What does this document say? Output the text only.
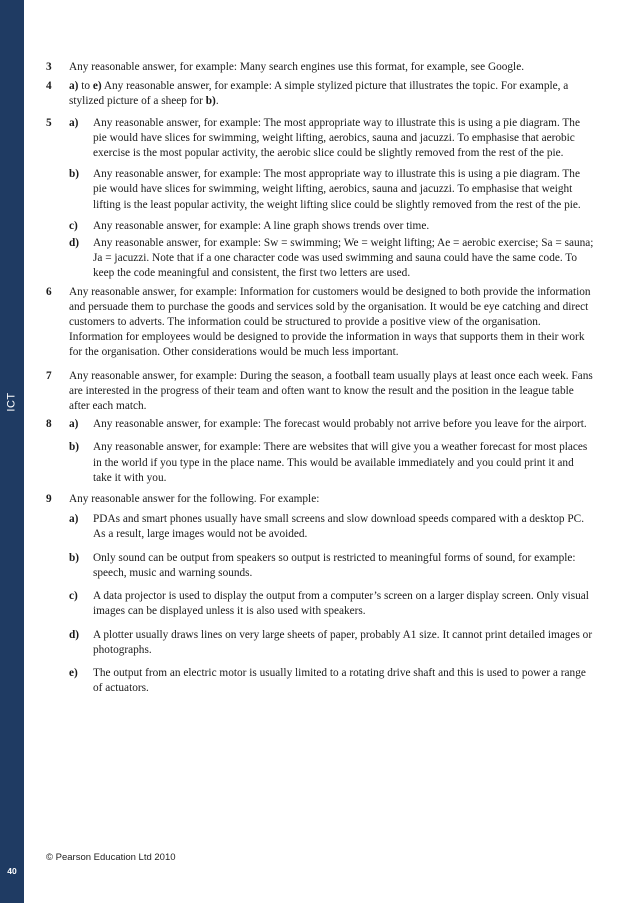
ICT
40
3	Any reasonable answer, for example: Many search engines use this format, for example, see Google.
4	a) to e) Any reasonable answer, for example: A simple stylized picture that illustrates the topic. For example, a stylized picture of a sheep for b).
5	a)	Any reasonable answer, for example: The most appropriate way to illustrate this is using a pie diagram. The pie would have slices for swimming, weight lifting, aerobics, sauna and jacuzzi. To emphasise that aerobic exercise is the most popular activity, the aerobic slice could be slightly removed from the rest of the pie.
b)	Any reasonable answer, for example: The most appropriate way to illustrate this is using a pie diagram. The pie would have slices for swimming, weight lifting, aerobics, sauna and jacuzzi. To emphasise that weight lifting is the least popular activity, the weight lifting slice could be slightly removed from the rest of the pie.
c)	Any reasonable answer, for example: A line graph shows trends over time.
d)	Any reasonable answer, for example: Sw = swimming; We = weight lifting; Ae = aerobic exercise; Sa = sauna; Ja = jacuzzi. Note that if a one character code was used swimming and sauna could have the same code. To keep the code meaningful and consistent, the first two letters are used.
6	Any reasonable answer, for example: Information for customers would be designed to both provide the information and persuade them to purchase the goods and services sold by the organisation. It would be eye catching and direct customers to adverts. The information could be structured to provide a positive view of the organisation. Information for employees would be designed to provide the information in ways that supports them in their work for the organisation. Other considerations would be much less important.
7	Any reasonable answer, for example: During the season, a football team usually plays at least once each week. Fans are interested in the progress of their team and often want to know the result and the position in the league table after each match.
8	a)	Any reasonable answer, for example: The forecast would probably not arrive before you leave for the airport.
b)	Any reasonable answer, for example: There are websites that will give you a weather forecast for most places in the world if you type in the place name. This would be available immediately and you could print it and take it with you.
9	Any reasonable answer for the following. For example:
a)	PDAs and smart phones usually have small screens and slow download speeds compared with a desktop PC. As a result, large images would not be avoided.
b)	Only sound can be output from speakers so output is restricted to meaningful forms of sound, for example: speech, music and warning sounds.
c)	A data projector is used to display the output from a computer’s screen on a larger display screen. Only visual images can be displayed unless it is also used with speakers.
d)	A plotter usually draws lines on very large sheets of paper, probably A1 size. It cannot print detailed images or photographs.
e)	The output from an electric motor is usually limited to a rotating drive shaft and this is used to power a range of actuators.
© Pearson Education Ltd 2010
